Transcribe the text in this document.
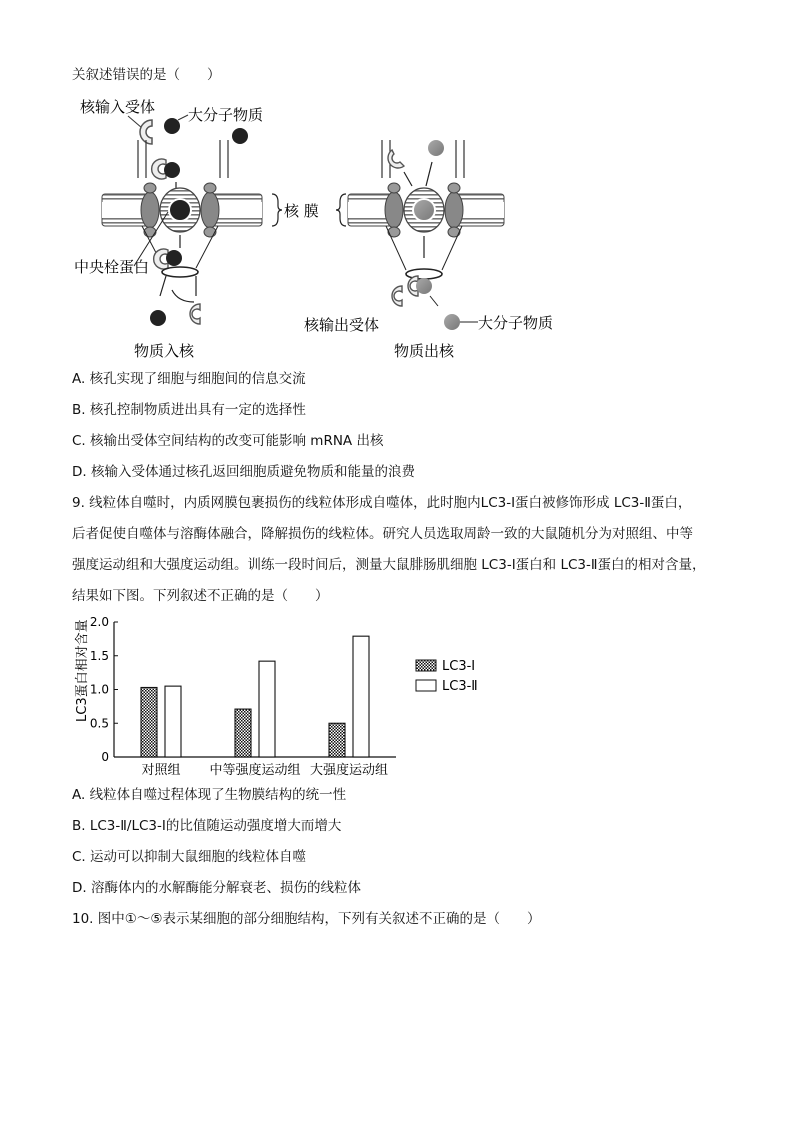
关叙述错误的是（　　）
核输入受体 大分子物质
中央栓蛋白
物质入核
核 膜
大分子物质
核输出受体
物质出核
A. 核孔实现了细胞与细胞间的信息交流
B. 核孔控制物质进出具有一定的选择性
C. 核输出受体空间结构的改变可能影响 mRNA 出核
D. 核输入受体通过核孔返回细胞质避免物质和能量的浪费
9. 线粒体自噬时，内质网膜包裹损伤的线粒体形成自噬体，此时胞内LC3-Ⅰ蛋白被修饰形成 LC3-Ⅱ蛋白，
后者促使自噬体与溶酶体融合，降解损伤的线粒体。研究人员选取周龄一致的大鼠随机分为对照组、中等
强度运动组和大强度运动组。训练一段时间后，测量大鼠腓肠肌细胞 LC3-Ⅰ蛋白和 LC3-Ⅱ蛋白的相对含量，
结果如下图。下列叙述不正确的是（　　）
0
0.5
1.0
1.5
2.0
对照组 中等强度运动组 大强度运动组
LC3-Ⅰ
LC3-Ⅱ
LC3蛋白相对含量
A. 线粒体自噬过程体现了生物膜结构的统一性
B. LC3-Ⅱ/LC3-Ⅰ的比值随运动强度增大而增大
C. 运动可以抑制大鼠细胞的线粒体自噬
D. 溶酶体内的水解酶能分解衰老、损伤的线粒体
10. 图中①～⑤表示某细胞的部分细胞结构，下列有关叙述不正确的是（　　）
